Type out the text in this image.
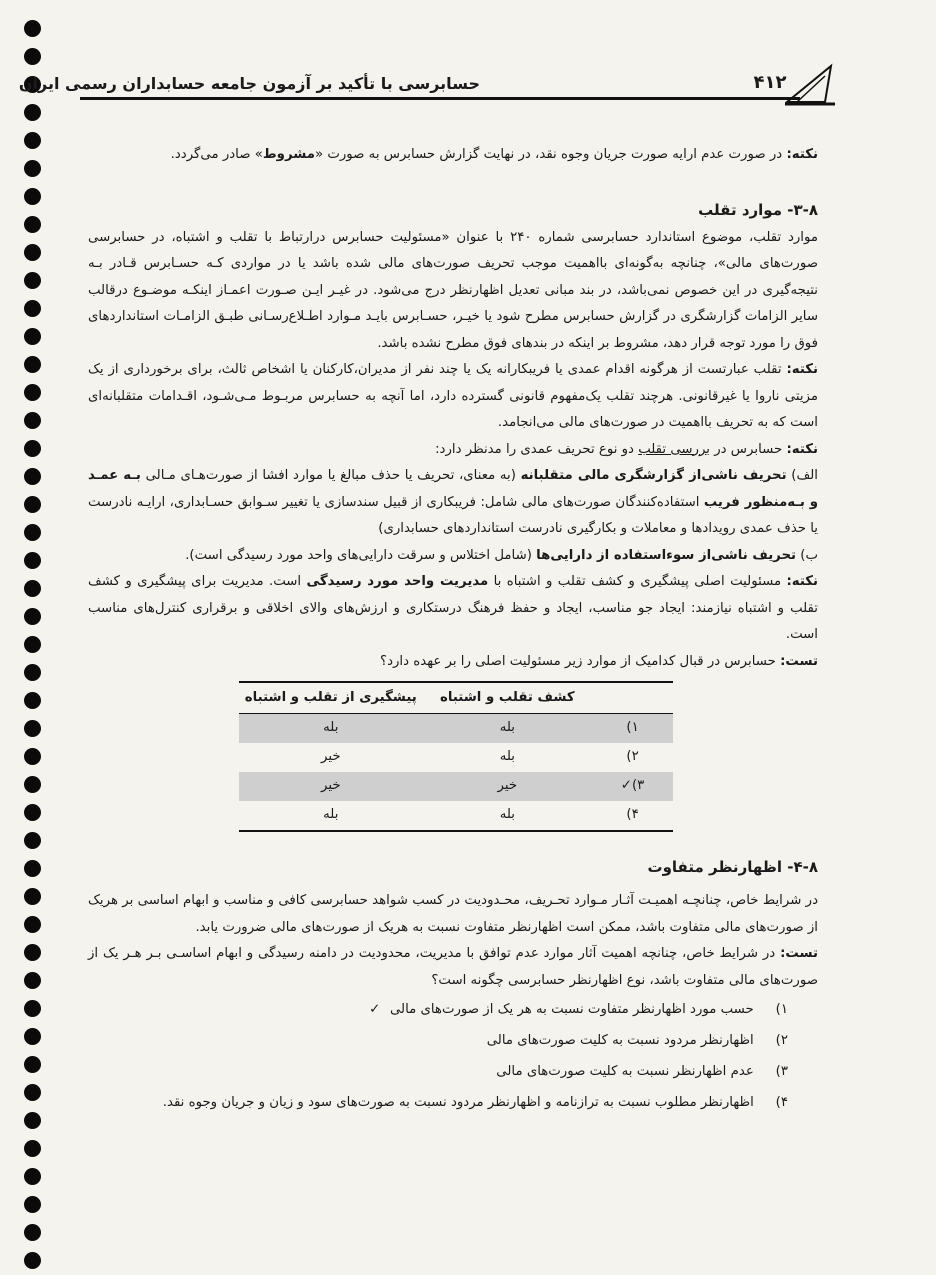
حسابرسی با تأکید بر آزمون جامعه حسابداران رسمی ایران	۴۱۲

نکته: در صورت عدم ارایه صورت جریان وجوه نقد، در نهایت گزارش حسابرس به صورت «مشروط» صادر می‌گردد.

۳-۸- موارد تقلب

موارد تقلب، موضوع استاندارد حسابرسی شماره ۲۴۰ با عنوان «مسئولیت حسابرس درارتباط با تقلب و اشتباه، در حسابرسی صورت‌های مالی»، چنانچه به‌گونه‌ای بااهمیت موجب تحریف صورت‌های مالی شده باشد یا در مواردی کـه حسـابرس قـادر بـه نتیجه‌گیری در این خصوص نمی‌باشد، در بند مبانی تعدیل اظهارنظر درج می‌شود. در غیـر ایـن صـورت اعمـاز اینکـه موضـوع درقالب سایر الزامات گزارشگری در گزارش حسابرس مطرح شود یا خیـر، حسـابرس بایـد مـوارد اطـلاع‌رسـانی طبـق الزامـات استانداردهای فوق را مورد توجه قرار دهد، مشروط بر اینکه در بندهای فوق مطرح نشده باشد.

نکته: تقلب عبارتست از هرگونه اقدام عمدی یا فریبکارانه یک یا چند نفر از مدیران،کارکنان یا اشخاص ثالث، برای برخورداری از یک مزیتی ناروا یا غیرقانونی. هرچند تقلب یک‌مفهوم قانونی گسترده دارد، اما آنچه به حسابرس مربـوط مـی‌شـود، اقـدامات متقلبانه‌ای است که به تحریف بااهمیت در صورت‌های مالی می‌انجامد.

نکته: حسابرس در بررسی تقلب دو نوع تحریف عمدی را مدنظر دارد:

الف) تحریف ناشی‌از گزارشگری مالی متقلبانه (به معنای، تحریف یا حذف مبالغ یا موارد افشا از صورت‌هـای مـالی بـه عمـد و بـه‌منظور فریب استفاده‌کنندگان صورت‌های مالی شامل: فریبکاری از قبیل سندسازی یا تغییر سـوابق حسـابداری، ارایـه نادرست یا حذف عمدی رویدادها و معاملات و بکارگیری نادرست استانداردهای حسابداری)

ب) تحریف ناشی‌از سوءاستفاده از دارایی‌ها (شامل اختلاس و سرقت دارایی‌های واحد مورد رسیدگی است).

نکته: مسئولیت اصلی پیشگیری و کشف تقلب و اشتباه با مدیریت واحد مورد رسیدگی است. مدیریت برای پیشگیری و کشف تقلب و اشتباه نیازمند: ایجاد جو مناسب، ایجاد و حفظ فرهنگ درستکاری و ارزش‌های والای اخلاقی و برقراری کنترل‌های مناسب است.

تست: حسابرس در قبال کدامیک از موارد زیر مسئولیت اصلی را بر عهده دارد؟

	کشف تقلب و اشتباه	پیشگیری از تقلب و اشتباه
۱)	بله	بله
۲)	بله	خیر
۳)✓	خیر	خیر
۴)	بله	بله
۴-۸- اظهارنظر متفاوت

در شرایط خاص، چنانچـه اهمیـت آثـار مـوارد تحـریف، محـدودیت در کسب شواهد حسابرسی کافی و مناسب و ابهام اساسی بر هریک از صورت‌های مالی متفاوت باشد، ممکن است اظهارنظر متفاوت نسبت به هریک از صورت‌های مالی ضرورت یابد.

تست: در شرایط خاص، چنانچه اهمیت آثار موارد عدم توافق با مدیریت، محدودیت در دامنه رسیدگی و ابهام اساسـی بـر هـر یک از صورت‌های مالی متفاوت باشد، نوع اظهارنظر حسابرسی چگونه است؟

۱) حسب مورد اظهارنظر متفاوت نسبت به هر یک از صورت‌های مالی ✓
۲) اظهارنظر مردود نسبت به کلیت صورت‌های مالی
۳) عدم اظهارنظر نسبت به کلیت صورت‌های مالی
۴) اظهارنظر مطلوب نسبت به ترازنامه و اظهارنظر مردود نسبت به صورت‌های سود و زیان و جریان وجوه نقد.
